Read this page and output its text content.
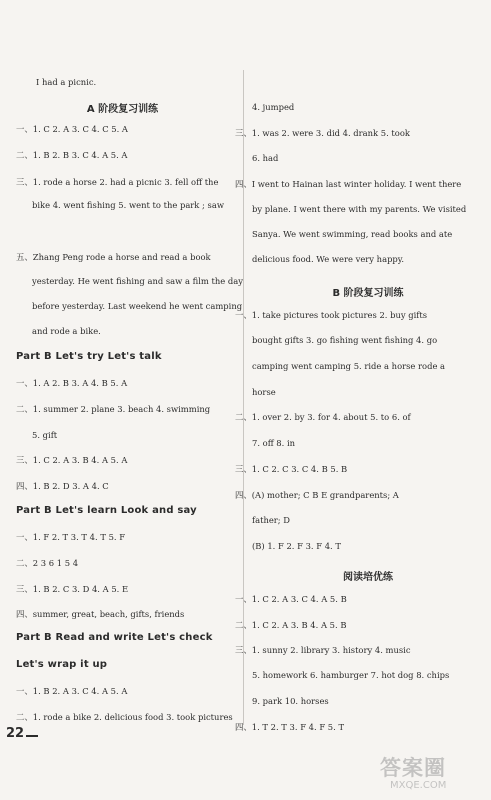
I had a picnic.
A 阶段复习训练
一、1. C 2. A 3. C 4. C 5. A
二、1. B 2. B 3. C 4. A 5. A
三、1. rode a horse 2. had a picnic 3. fell off the
bike 4. went fishing 5. went to the park ; saw
五、Zhang Peng rode a horse and read a book
yesterday. He went fishing and saw a film the day
before yesterday. Last weekend he went camping
and rode a bike.
Part B Let's try Let's talk
一、1. A 2. B 3. A 4. B 5. A
二、1. summer 2. plane 3. beach 4. swimming
5. gift
三、1. C 2. A 3. B 4. A 5. A
四、1. B 2. D 3. A 4. C
Part B Let's learn Look and say
一、1. F 2. T 3. T 4. T 5. F
二、2 3 6 1 5 4
三、1. B 2. C 3. D 4. A 5. E
四、summer, great, beach, gifts, friends
Part B Read and write Let's check
Let's wrap it up
一、1. B 2. A 3. C 4. A 5. A
二、1. rode a bike 2. delicious food 3. took pictures
4. jumped
三、1. was 2. were 3. did 4. drank 5. took
6. had
四、I went to Hainan last winter holiday. I went there
by plane. I went there with my parents. We visited
Sanya. We went swimming, read books and ate
delicious food. We were very happy.
B 阶段复习训练
一、1. take pictures took pictures 2. buy gifts
bought gifts 3. go fishing went fishing 4. go
camping went camping 5. ride a horse rode a
horse
二、1. over 2. by 3. for 4. about 5. to 6. of
7. off 8. in
三、1. C 2. C 3. C 4. B 5. B
四、(A) mother; C B E grandparents; A
father; D
(B) 1. F 2. F 3. F 4. T
阅读培优练
一、1. C 2. A 3. C 4. A 5. B
二、1. C 2. A 3. B 4. A 5. B
三、1. sunny 2. library 3. history 4. music
5. homework 6. hamburger 7. hot dog 8. chips
9. park 10. horses
四、1. T 2. T 3. F 4. F 5. T
22
答案圈
MXQE.COM
